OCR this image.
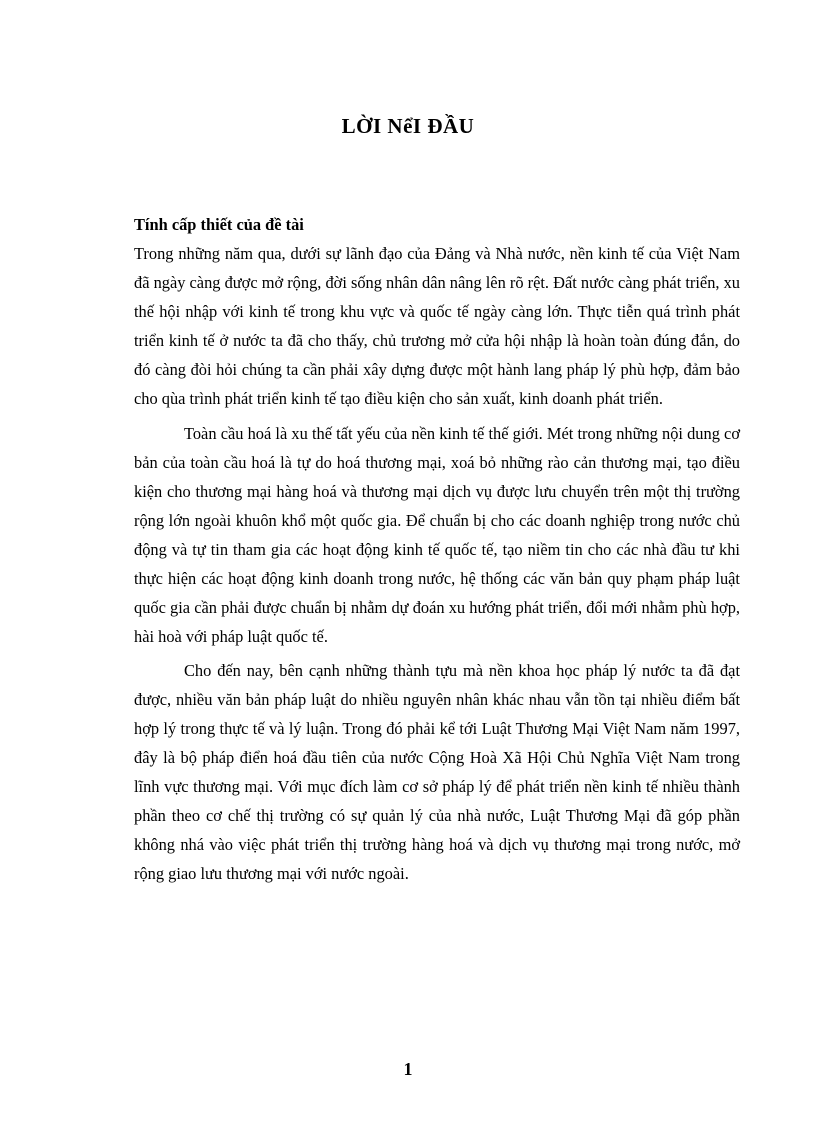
LỜI NểI ĐẦU

Tính cấp thiết của đề tài

Trong những năm qua, dưới sự lãnh đạo của Đảng và Nhà nước, nền kinh tế của Việt Nam đã ngày càng được mở rộng, đời sống nhân dân nâng lên rõ rệt. Đất nước càng phát triển, xu thế hội nhập với kinh tế trong khu vực và quốc tế ngày càng lớn. Thực tiễn quá trình phát triển kinh tế ở nước ta đã cho thấy, chủ trương mở cửa hội nhập là hoàn toàn đúng đắn, do đó càng đòi hỏi chúng ta cần phải xây dựng được một hành lang pháp lý phù hợp, đảm bảo cho qùa trình phát triển kinh tế tạo điều kiện cho sản xuất, kinh doanh phát triển.

Toàn cầu hoá là xu thế tất yếu của nền kinh tế thế giới. Mét trong những nội dung cơ bản của toàn cầu hoá là tự do hoá thương mại, xoá bỏ những rào cản thương mại, tạo điều kiện cho thương mại hàng hoá và thương mại dịch vụ được lưu chuyển trên một thị trường rộng lớn ngoài khuôn khổ một quốc gia. Để chuẩn bị cho các doanh nghiệp trong nước chủ động và tự tin tham gia các hoạt động kinh tế quốc tế, tạo niềm tin cho các nhà đầu tư khi thực hiện các hoạt động kinh doanh trong nước, hệ thống các văn bản quy phạm pháp luật quốc gia cần phải được chuẩn bị nhằm dự đoán xu hướng phát triển, đổi mới nhằm phù hợp, hài hoà với pháp luật quốc tế.

Cho đến nay, bên cạnh những thành tựu mà nền khoa học pháp lý nước ta đã đạt được, nhiều văn bản pháp luật do nhiều nguyên nhân khác nhau vẫn tồn tại nhiều điểm bất hợp lý trong thực tế và lý luận. Trong đó phải kể tới Luật Thương Mại Việt Nam năm 1997, đây là bộ pháp điển hoá đầu tiên của nước Cộng Hoà Xã Hội Chủ Nghĩa Việt Nam trong lĩnh vực thương mại. Với mục đích làm cơ sở pháp lý để phát triển nền kinh tế nhiều thành phần theo cơ chế thị trường có sự quản lý của nhà nước, Luật Thương Mại đã góp phần không nhá vào việc phát triển thị trường hàng hoá và dịch vụ thương mại trong nước, mở rộng giao lưu thương mại với nước ngoài.

1
